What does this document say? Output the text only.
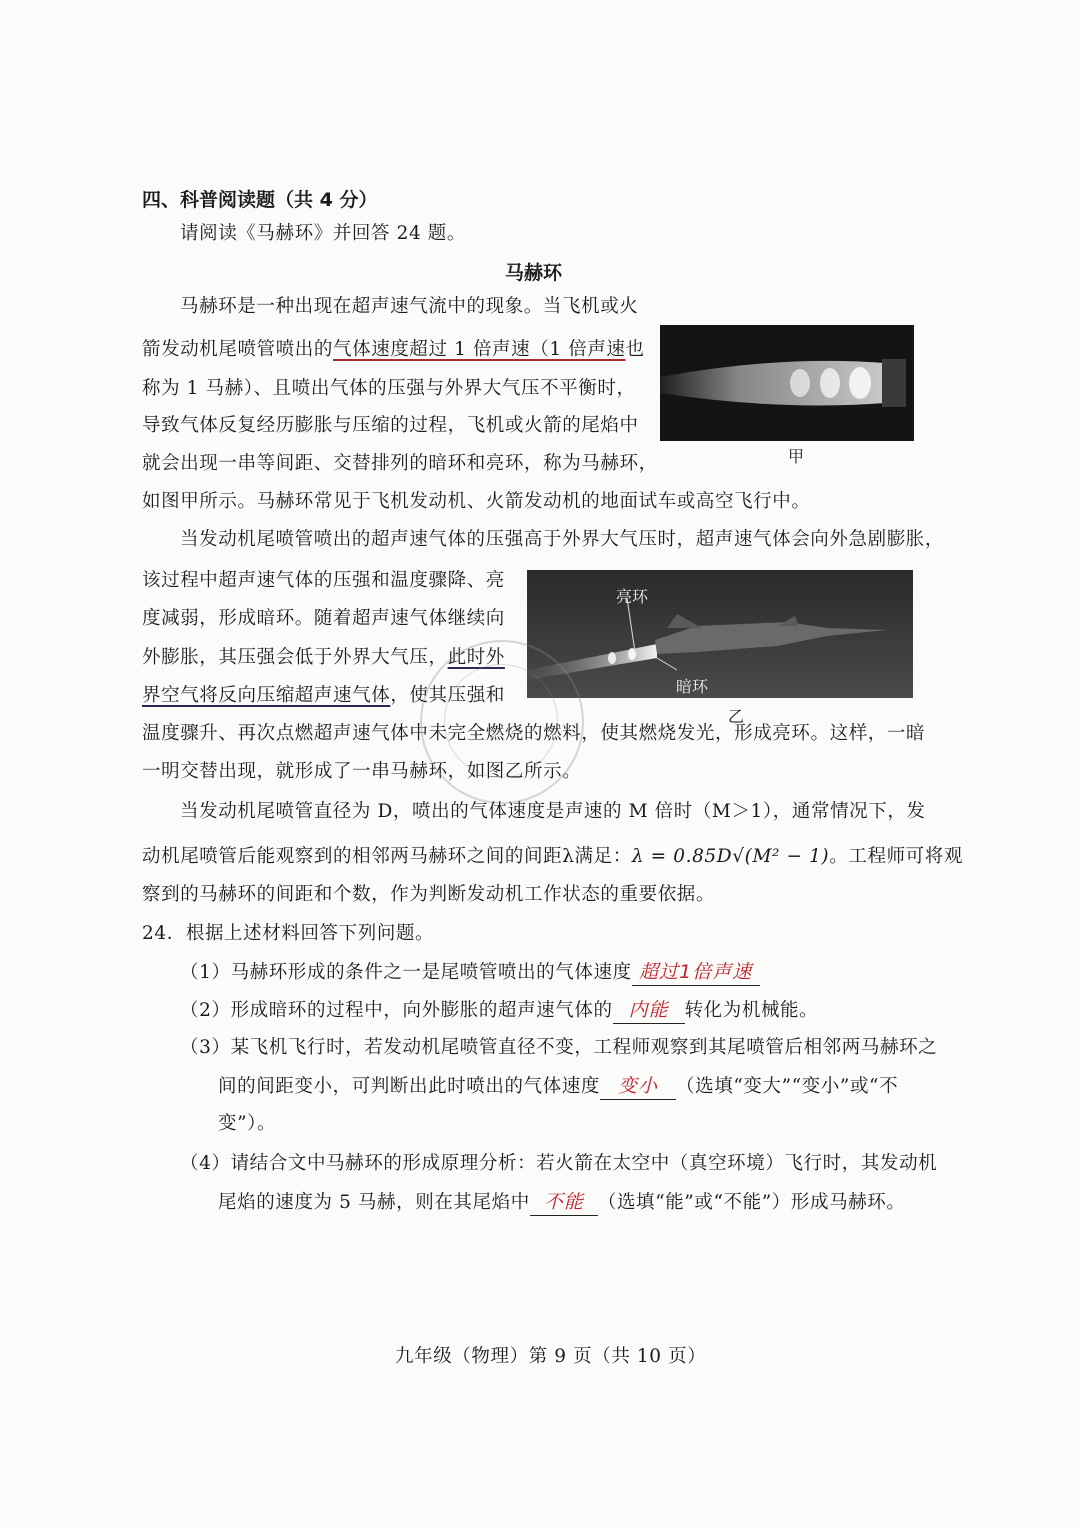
四、科普阅读题（共 4 分）
请阅读《马赫环》并回答 24 题。
马赫环
甲
马赫环是一种出现在超声速气流中的现象。当飞机或火
箭发动机尾喷管喷出的气体速度超过 1 倍声速（1 倍声速也
称为 1 马赫）、且喷出气体的压强与外界大气压不平衡时，
导致气体反复经历膨胀与压缩的过程，飞机或火箭的尾焰中
就会出现一串等间距、交替排列的暗环和亮环，称为马赫环，
如图甲所示。马赫环常见于飞机发动机、火箭发动机的地面试车或高空飞行中。
当发动机尾喷管喷出的超声速气体的压强高于外界大气压时，超声速气体会向外急剧膨胀，
亮环
暗环
乙
该过程中超声速气体的压强和温度骤降、亮
度减弱，形成暗环。随着超声速气体继续向
外膨胀，其压强会低于外界大气压，此时外
界空气将反向压缩超声速气体，使其压强和
温度骤升、再次点燃超声速气体中未完全燃烧的燃料，使其燃烧发光，形成亮环。这样，一暗
一明交替出现，就形成了一串马赫环，如图乙所示。
当发动机尾喷管直径为 D，喷出的气体速度是声速的 M 倍时（M＞1），通常情况下，发
动机尾喷管后能观察到的相邻两马赫环之间的间距λ满足：λ = 0.85D√(M² − 1)。工程师可将观
察到的马赫环的间距和个数，作为判断发动机工作状态的重要依据。
24．根据上述材料回答下列问题。
（1）马赫环形成的条件之一是尾喷管喷出的气体速度 超过1倍声速
（2）形成暗环的过程中，向外膨胀的超声速气体的 内能 转化为机械能。
（3）某飞机飞行时，若发动机尾喷管直径不变，工程师观察到其尾喷管后相邻两马赫环之
间的间距变小，可判断出此时喷出的气体速度 变小 （选填“变大”“变小”或“不
变”）。
（4）请结合文中马赫环的形成原理分析：若火箭在太空中（真空环境）飞行时，其发动机
尾焰的速度为 5 马赫，则在其尾焰中 不能 （选填“能”或“不能”）形成马赫环。
九年级（物理）第 9 页（共 10 页）
